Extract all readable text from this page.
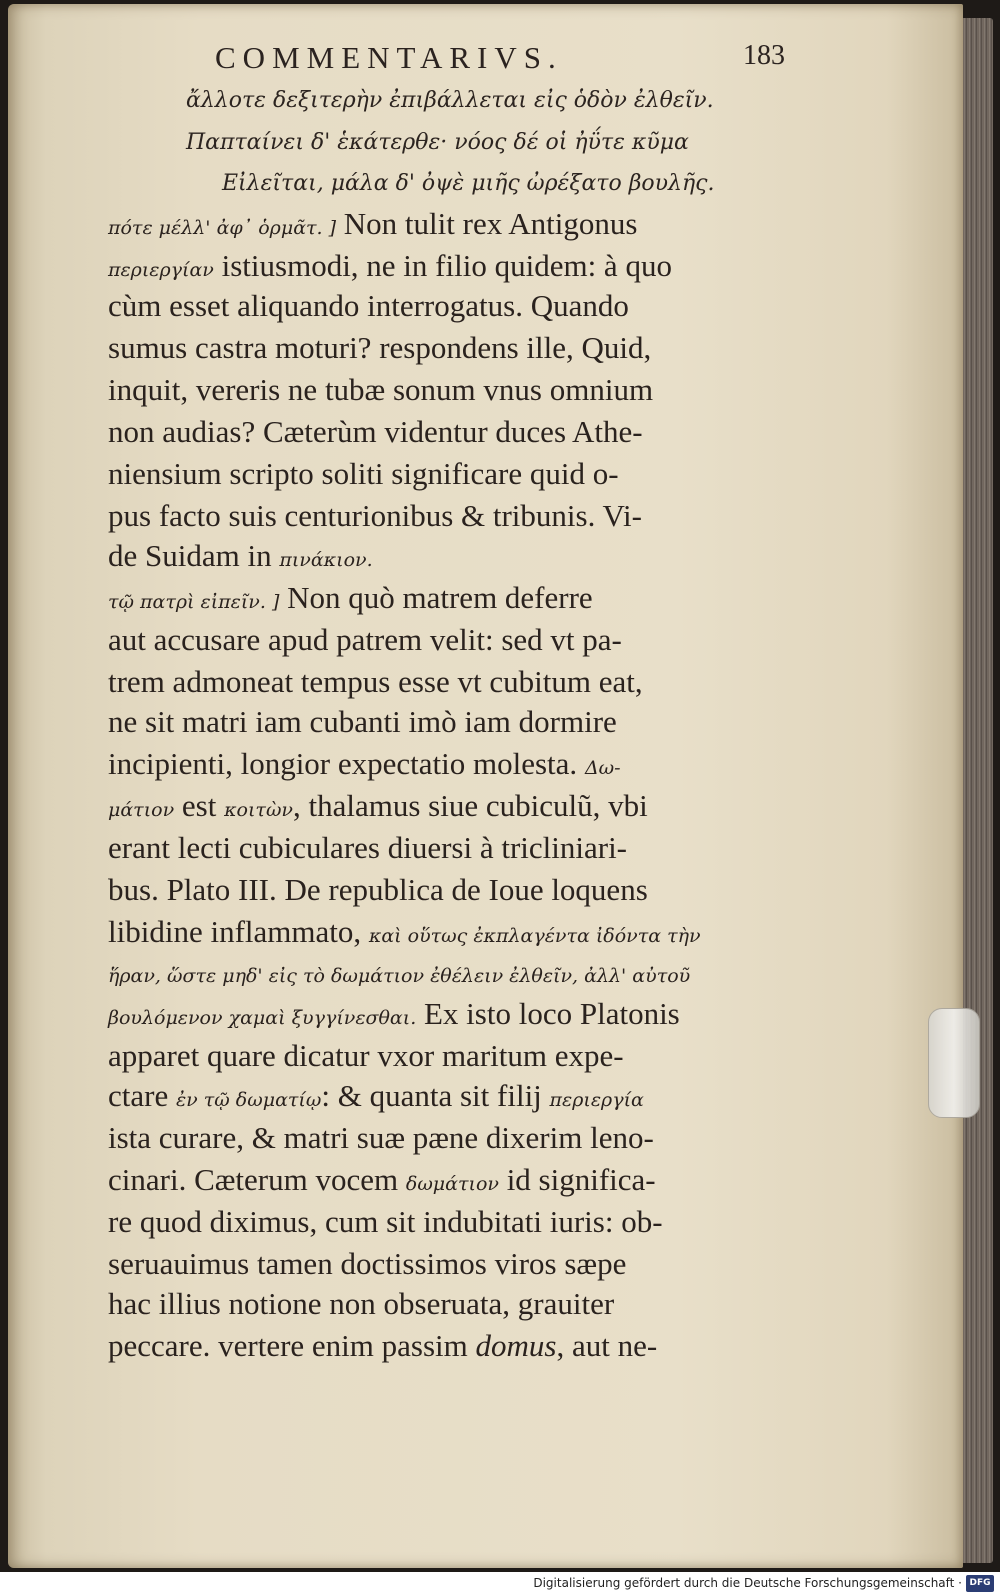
COMMENTARIVS.	183
ἄλλοτε δεξιτερὴν ἐπιβάλλεται εἰς ὁδὸν ἐλθεῖν.
Παπταίνει δ' ἑκάτερθε· νόος δέ οἱ ἠΰτε κῦμα
Εἰλεῖται, μάλα δ' ὀψὲ μιῆς ὠρέξατο βουλῆς.
πότε μέλλ' ἀφ᾽ ὁρμᾶτ. ] Non tulit rex Antigonus
περιεργίαν istiusmodi, ne in filio quidem: à quo
cùm esset aliquando interrogatus. Quando
sumus castra moturi? respondens ille, Quid,
inquit, vereris ne tubæ sonum vnus omnium
non audias? Cæterùm videntur duces Athe-
niensium scripto soliti significare quid o-
pus facto suis centurionibus & tribunis. Vi-
de Suidam in πινάκιον.
τῷ πατρὶ εἰπεῖν. ] Non quò matrem deferre
aut accusare apud patrem velit: sed vt pa-
trem admoneat tempus esse vt cubitum eat,
ne sit matri iam cubanti imò iam dormire
incipienti, longior expectatio molesta. Δω-
μάτιον est κοιτὼν, thalamus siue cubiculũ, vbi
erant lecti cubiculares diuersi à tricliniari-
bus. Plato III. De republica de Ioue loquens
libidine inflammato, καὶ οὕτως ἐκπλαγέντα ἰδόντα τὴν
ἥραν, ὥστε μηδ' εἰς τὸ δωμάτιον ἐθέλειν ἐλθεῖν, ἀλλ' αὐτοῦ
βουλόμενον χαμαὶ ξυγγίνεσθαι. Ex isto loco Platonis
apparet quare dicatur vxor maritum expe-
ctare ἐν τῷ δωματίῳ: & quanta sit filij περιεργία
ista curare, & matri suæ pæne dixerim leno-
cinari. Cæterum vocem δωμάτιον id significa-
re quod diximus, cum sit indubitati iuris: ob-
seruauimus tamen doctissimos viros sæpe
hac illius notione non obseruata, grauiter
peccare. vertere enim passim domus, aut ne-
Digitalisierung gefördert durch die Deutsche Forschungsgemeinschaft · DFG
